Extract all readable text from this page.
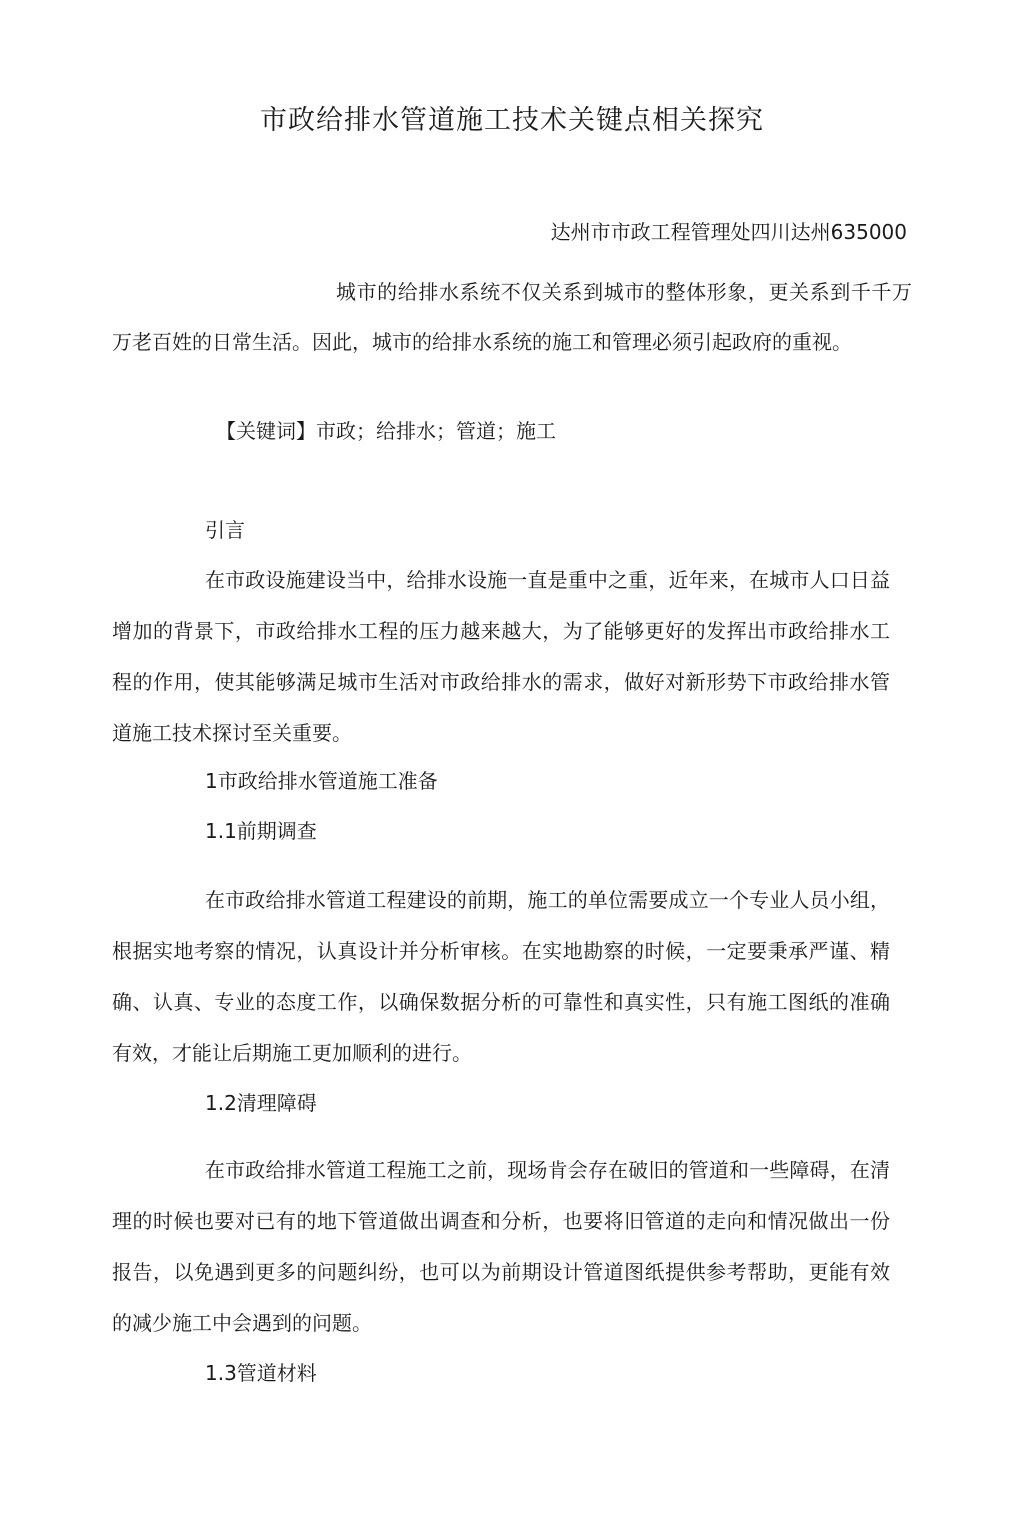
市政给排水管道施工技术关键点相关探究
达州市市政工程管理处四川达州635000
城市的给排水系统不仅关系到城市的整体形象，更关系到千千万万老百姓的日常生活。因此，城市的给排水系统的施工和管理必须引起政府的重视。
【关键词】市政；给排水；管道；施工
引言
在市政设施建设当中，给排水设施一直是重中之重，近年来，在城市人口日益增加的背景下，市政给排水工程的压力越来越大，为了能够更好的发挥出市政给排水工程的作用，使其能够满足城市生活对市政给排水的需求，做好对新形势下市政给排水管道施工技术探讨至关重要。
1市政给排水管道施工准备
1.1前期调查
在市政给排水管道工程建设的前期，施工的单位需要成立一个专业人员小组，根据实地考察的情况，认真设计并分析审核。在实地勘察的时候，一定要秉承严谨、精确、认真、专业的态度工作，以确保数据分析的可靠性和真实性，只有施工图纸的准确有效，才能让后期施工更加顺利的进行。
1.2清理障碍
在市政给排水管道工程施工之前，现场肯会存在破旧的管道和一些障碍，在清理的时候也要对已有的地下管道做出调查和分析，也要将旧管道的走向和情况做出一份报告，以免遇到更多的问题纠纷，也可以为前期设计管道图纸提供参考帮助，更能有效的减少施工中会遇到的问题。
1.3管道材料
